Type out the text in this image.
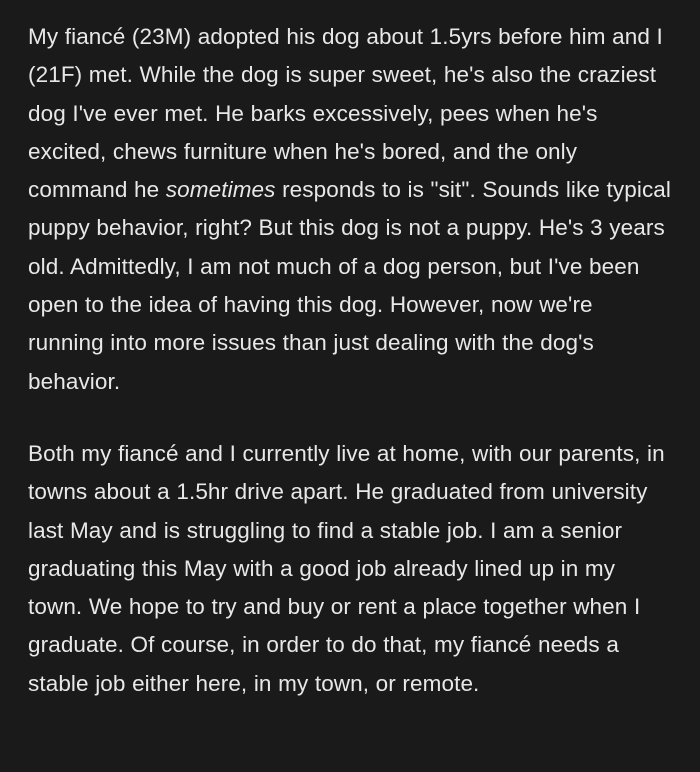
My fiancé (23M) adopted his dog about 1.5yrs before him and I (21F) met. While the dog is super sweet, he's also the craziest dog I've ever met. He barks excessively, pees when he's excited, chews furniture when he's bored, and the only command he sometimes responds to is "sit". Sounds like typical puppy behavior, right? But this dog is not a puppy. He's 3 years old. Admittedly, I am not much of a dog person, but I've been open to the idea of having this dog. However, now we're running into more issues than just dealing with the dog's behavior.

Both my fiancé and I currently live at home, with our parents, in towns about a 1.5hr drive apart. He graduated from university last May and is struggling to find a stable job. I am a senior graduating this May with a good job already lined up in my town. We hope to try and buy or rent a place together when I graduate. Of course, in order to do that, my fiancé needs a stable job either here, in my town, or remote.
